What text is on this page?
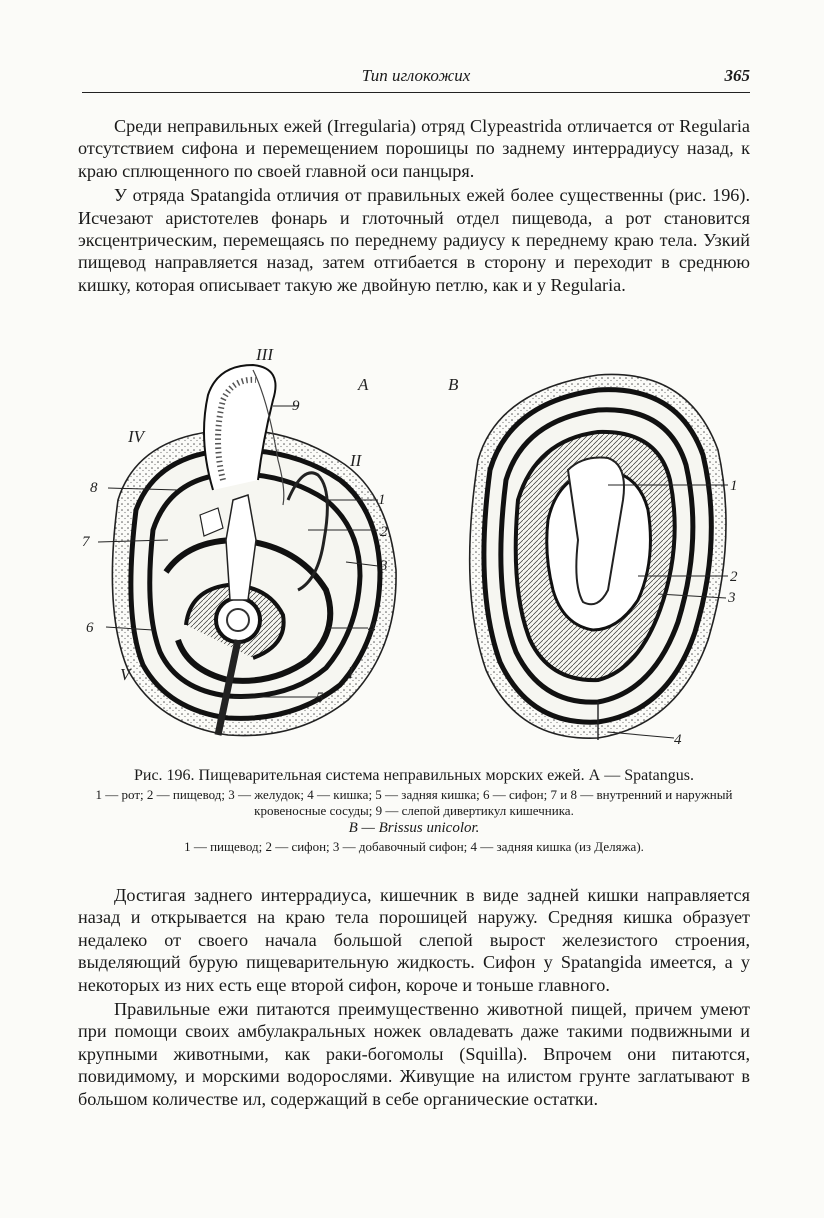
Тип иглокожих	365

Среди неправильных ежей (Irregularia) отряд Clypeastrida отличается от Regularia отсутствием сифона и перемещением порошицы по заднему интеррадиусу назад, к краю сплющенного по своей главной оси панцыря.

У отряда Spatangida отличия от правильных ежей более существенны (рис. 196). Исчезают аристотелев фонарь и глоточный отдел пищевода, а рот становится эксцентрическим, перемещаясь по переднему радиусу к переднему краю тела. Узкий пищевод направляется назад, затем отгибается в сторону и переходит в среднюю кишку, которая описывает такую же двойную петлю, как и у Regularia.

III
IV
II
V	I
A
9
8
1
7
2
3
6	4
5
B
1
2
3
4
Рис. 196. Пищеварительная система неправильных морских ежей. А — Spatangus.
1 — рот; 2 — пищевод; 3 — желудок; 4 — кишка; 5 — задняя кишка; 6 — сифон; 7 и 8 — внутренний и наружный кровеносные сосуды; 9 — слепой дивертикул кишечника.
В — Brissus unicolor.
1 — пищевод; 2 — сифон; 3 — добавочный сифон; 4 — задняя кишка (из Деляжа).

Достигая заднего интеррадиуса, кишечник в виде задней кишки направляется назад и открывается на краю тела порошицей наружу. Средняя кишка образует недалеко от своего начала большой слепой вырост железистого строения, выделяющий бурую пищеварительную жидкость. Сифон у Spatangida имеется, а у некоторых из них есть еще второй сифон, короче и тоньше главного.

Правильные ежи питаются преимущественно животной пищей, причем умеют при помощи своих амбулакральных ножек овладевать даже такими подвижными и крупными животными, как раки-богомолы (Squilla). Впрочем они питаются, повидимому, и морскими водорослями. Живущие на илистом грунте заглатывают в большом количестве ил, содержащий в себе органические остатки.
